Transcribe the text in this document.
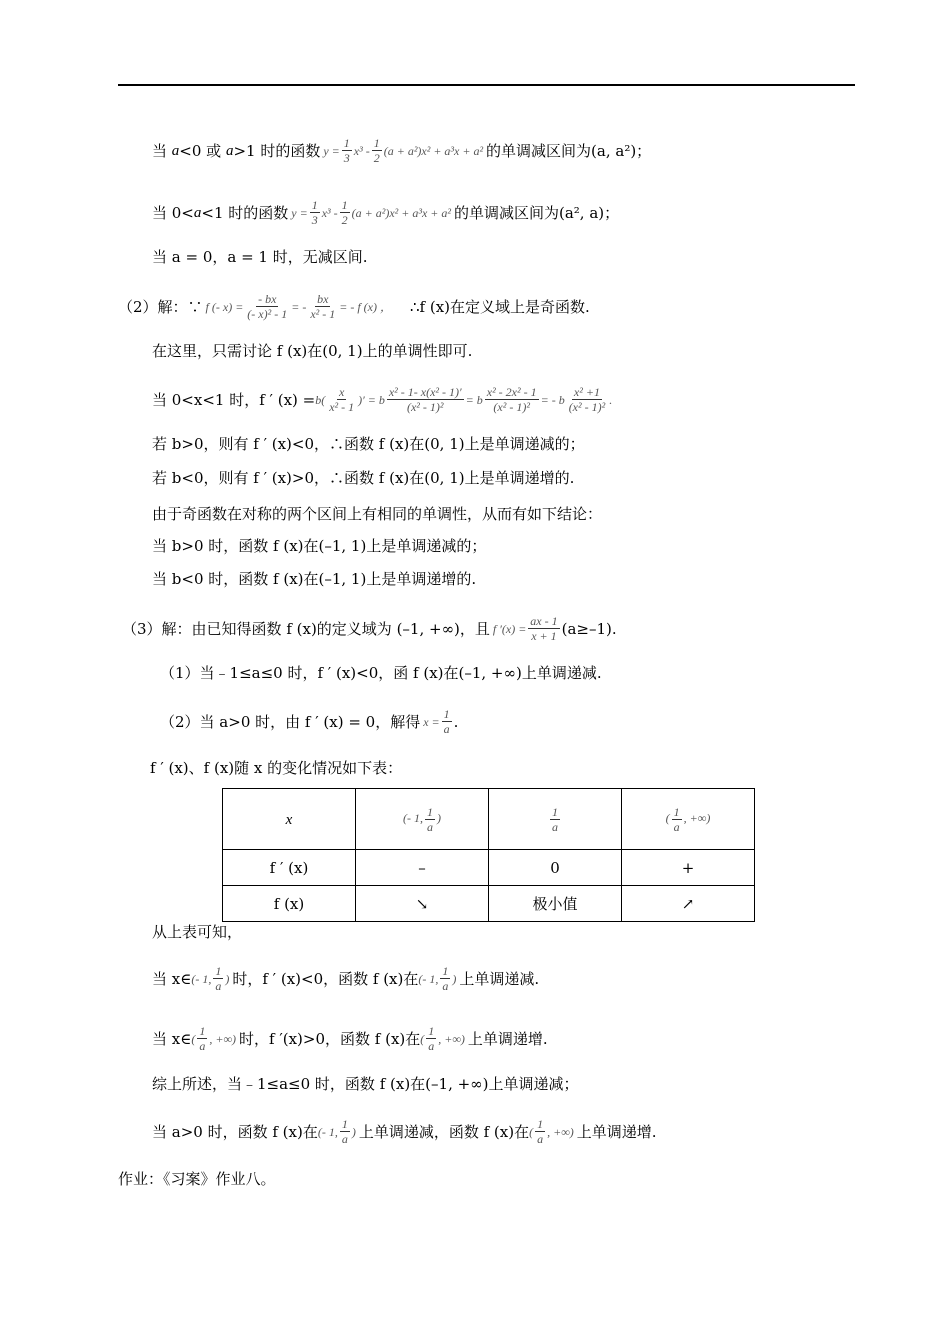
当
a <0 或
a >1 时的函数 $y = \frac{1}{3} x^3 - \frac{1}{2} (a + a^2)x^2 + a^3x + a^2$ 的单调减区间为(a, a²)；
当 0< a <1 时的函数 $y = \frac{1}{3} x^3 - \frac{1}{2} (a + a^2)x^2 + a^3x + a^2$ 的单调减区间为(a², a)；
当 a = 0，a = 1 时，无减区间.
（2）解：∵ f (- $x) = \frac{- bx}{\text{(- x)² - 1}}$ = - $\frac{bx}{\text{x² - 1}}$ = - f (x) ， ∴f (x)在定义域上是奇函数.
在这里，只需讨论 f (x)在(0, 1)上的单调性即可.
当 0<x<1 时，f ′ $(x) = b( \frac{x}{\text{x² - 1}}$ )′ = b $\frac{\text{x² - 1- x(x² - 1)′}}{\text{(x² - 1)²}} = b \frac{\text{x² - 2x² - 1}}{\text{(x² - 1)²}}$ = - b $\frac{\text{x² +1}}{\text{(x² - 1)²}}$ .
若 b>0，则有 f ′ (x)<0，∴函数 f (x)在(0, 1)上是单调递减的；
若 b<0，则有 f ′ (x)>0，∴函数 f (x)在(0, 1)上是单调递增的.
由于奇函数在对称的两个区间上有相同的单调性，从而有如下结论：
当 b>0 时，函数 f (x)在(–1, 1)上是单调递减的；
当 b<0 时，函数 f (x)在(–1, 1)上是单调递增的.
（3）解：由已知得函数 f (x)的定义域为 (–1, +∞)，且 f $'(x) = \frac{ax - 1}{x + 1} (a\ge-1)$.
（1）当﹣1≤a≤0 时，f ′ (x)<0，函 f (x)在(–1, +∞)上单调递减.
（2）当 a>0 时，由 f ′ (x) = 0，解得 $x = \frac{1}{a}$ .
f ′ (x)、f (x)随 x 的变化情况如下表：
x	(- 1, $\frac{1}{a}$ )	$\frac{1}{a}$	( $\frac{1}{a}$ , +∞)
f ′ (x)	–	0	+
f (x)	↘	极小值	↗
从上表可知，
当 x∈ (- 1, $\frac{1}{a}$ ) 时，f ′ (x)<0，函数 f (x)在 (- 1, $\frac{1}{a}$ ) 上单调递减.
当 x∈ ( $\frac{1}{a}$ , +∞) 时，f ′(x)>0，函数 f (x)在 ( $\frac{1}{a}$ , +∞) 上单调递增.
综上所述，当﹣1≤a≤0 时，函数 f (x)在(–1, +∞)上单调递减；
当 a>0 时，函数 f (x)在 (- 1, $\frac{1}{a}$ ) 上单调递减，函数 f (x)在 ( $\frac{1}{a}$ , +∞) 上单调递增.
作业：《习案》作业八。
